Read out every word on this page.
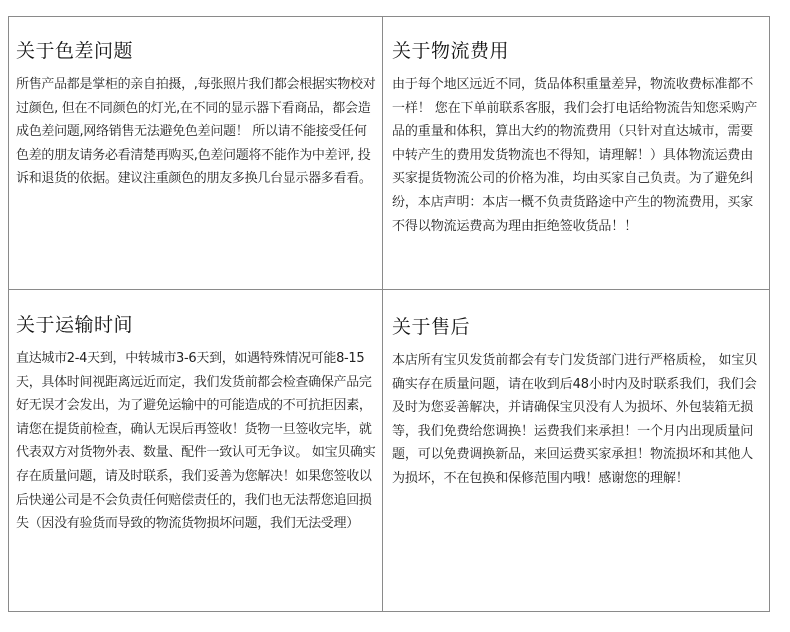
关于色差问题

所售产品都是掌柜的亲自拍摄，,每张照片我们都会根据实物校对过颜色, 但在不同颜色的灯光,在不同的显示器下看商品，都会造成色差问题,网络销售无法避免色差问题！ 所以请不能接受任何色差的朋友请务必看清楚再购买,色差问题将不能作为中差评, 投诉和退货的依据。建议注重颜色的朋友多换几台显示器多看看。

关于物流费用

由于每个地区远近不同，货品体积重量差异，物流收费标准都不一样！ 您在下单前联系客服，我们会打电话给物流告知您采购产品的重量和体积，算出大约的物流费用（只针对直达城市，需要中转产生的费用发货物流也不得知，请理解！）具体物流运费由买家提货物流公司的价格为准，均由买家自己负责。为了避免纠纷，本店声明：本店一概不负责货路途中产生的物流费用，买家不得以物流运费高为理由拒绝签收货品！！

关于运输时间

直达城市2-4天到，中转城市3-6天到，如遇特殊情况可能8-15天，具体时间视距离远近而定，我们发货前都会检查确保产品完好无误才会发出，为了避免运输中的可能造成的不可抗拒因素，请您在提货前检查，确认无误后再签收！货物一旦签收完毕，就代表双方对货物外表、数量、配件一致认可无争议。 如宝贝确实存在质量问题，请及时联系，我们妥善为您解决！如果您签收以后快递公司是不会负责任何赔偿责任的，我们也无法帮您追回损失（因没有验货而导致的物流货物损坏问题，我们无法受理）

关于售后

本店所有宝贝发货前都会有专门发货部门进行严格质检， 如宝贝确实存在质量问题，请在收到后48小时内及时联系我们，我们会及时为您妥善解决，并请确保宝贝没有人为损坏、外包装箱无损等，我们免费给您调换！运费我们来承担！一个月内出现质量问题，可以免费调换新品，来回运费买家承担！物流损坏和其他人为损坏，不在包换和保修范围内哦！感谢您的理解！
